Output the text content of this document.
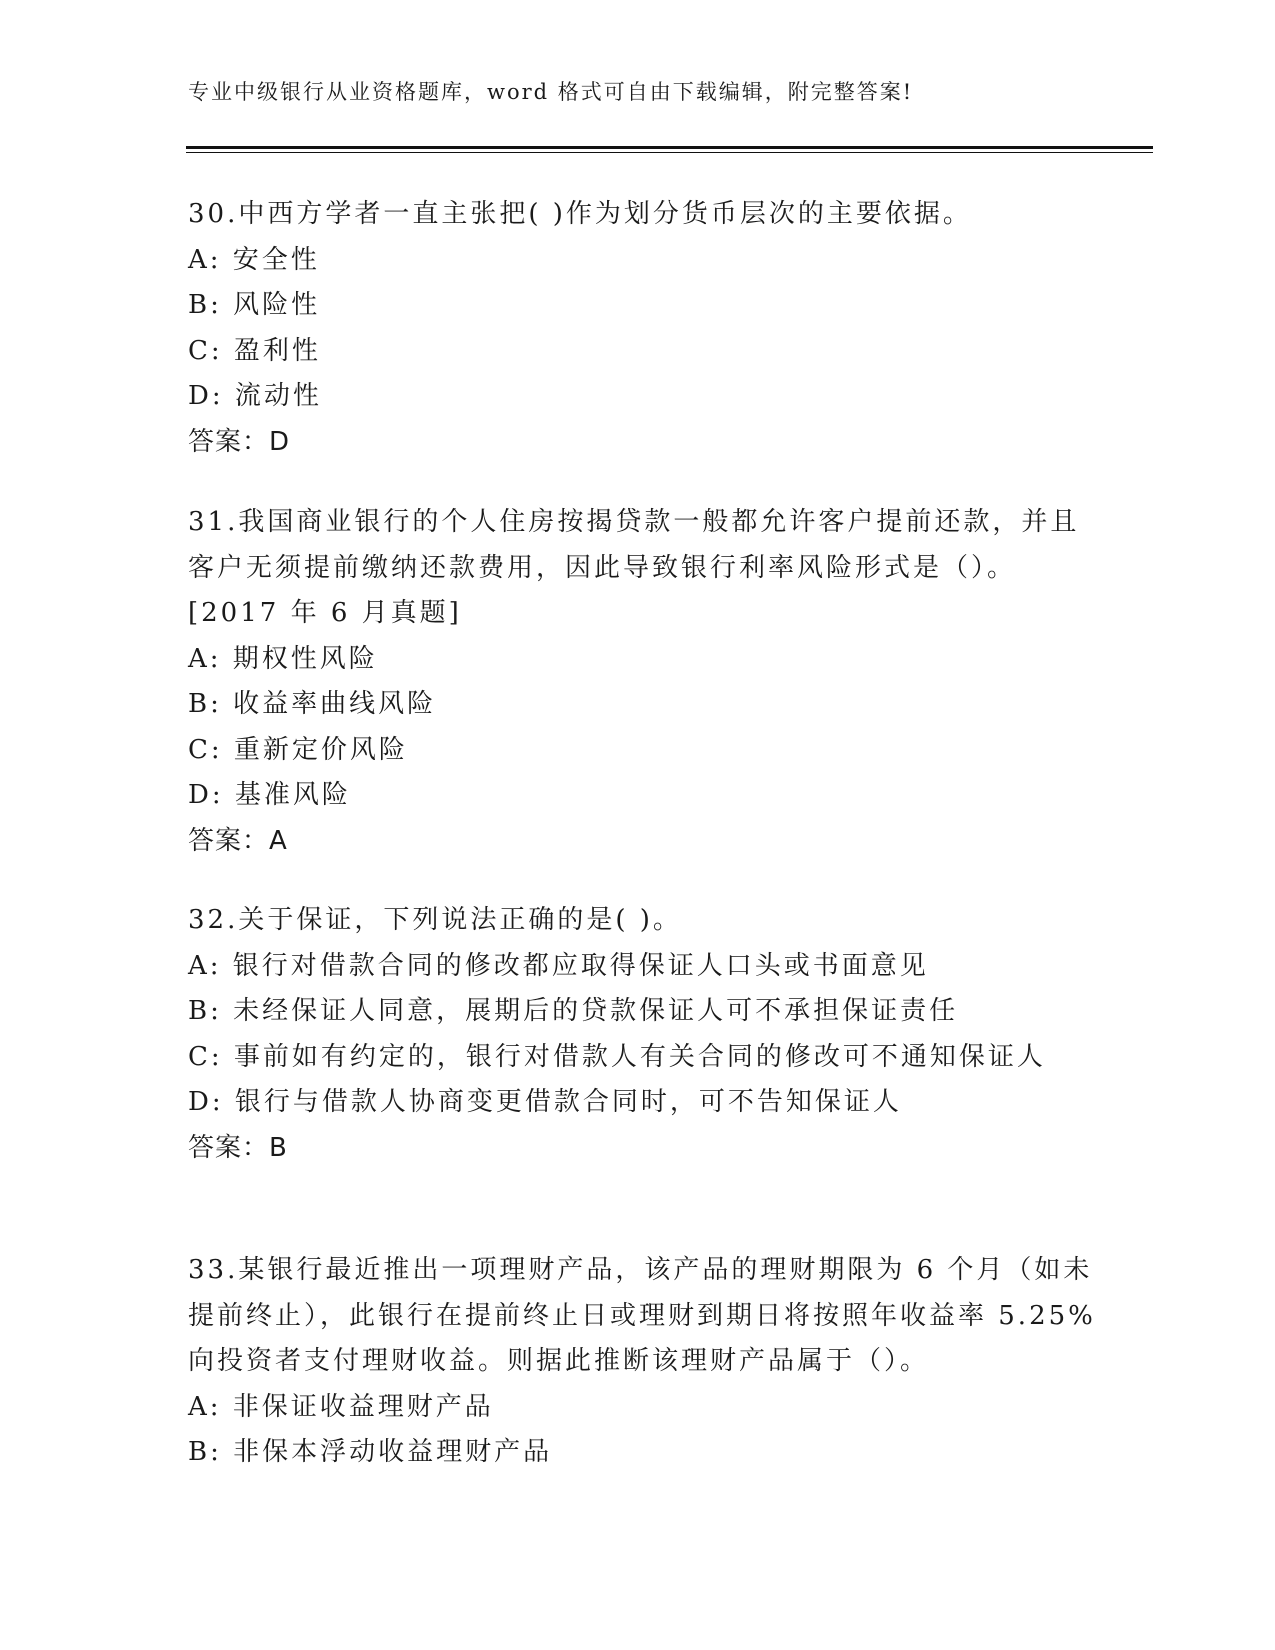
专业中级银行从业资格题库，word 格式可自由下载编辑，附完整答案!
30.中西方学者一直主张把( )作为划分货币层次的主要依据。
A: 安全性
B: 风险性
C: 盈利性
D: 流动性
答案：D
31.我国商业银行的个人住房按揭贷款一般都允许客户提前还款，并且
客户无须提前缴纳还款费用，因此导致银行利率风险形式是（）。
[2017 年 6 月真题]
A: 期权性风险
B: 收益率曲线风险
C: 重新定价风险
D: 基准风险
答案：A
32.关于保证，下列说法正确的是( )。
A: 银行对借款合同的修改都应取得保证人口头或书面意见
B: 未经保证人同意，展期后的贷款保证人可不承担保证责任
C: 事前如有约定的，银行对借款人有关合同的修改可不通知保证人
D: 银行与借款人协商变更借款合同时，可不告知保证人
答案：B
33.某银行最近推出一项理财产品，该产品的理财期限为 6 个月（如未
提前终止），此银行在提前终止日或理财到期日将按照年收益率 5.25%
向投资者支付理财收益。则据此推断该理财产品属于（）。
A: 非保证收益理财产品
B: 非保本浮动收益理财产品
